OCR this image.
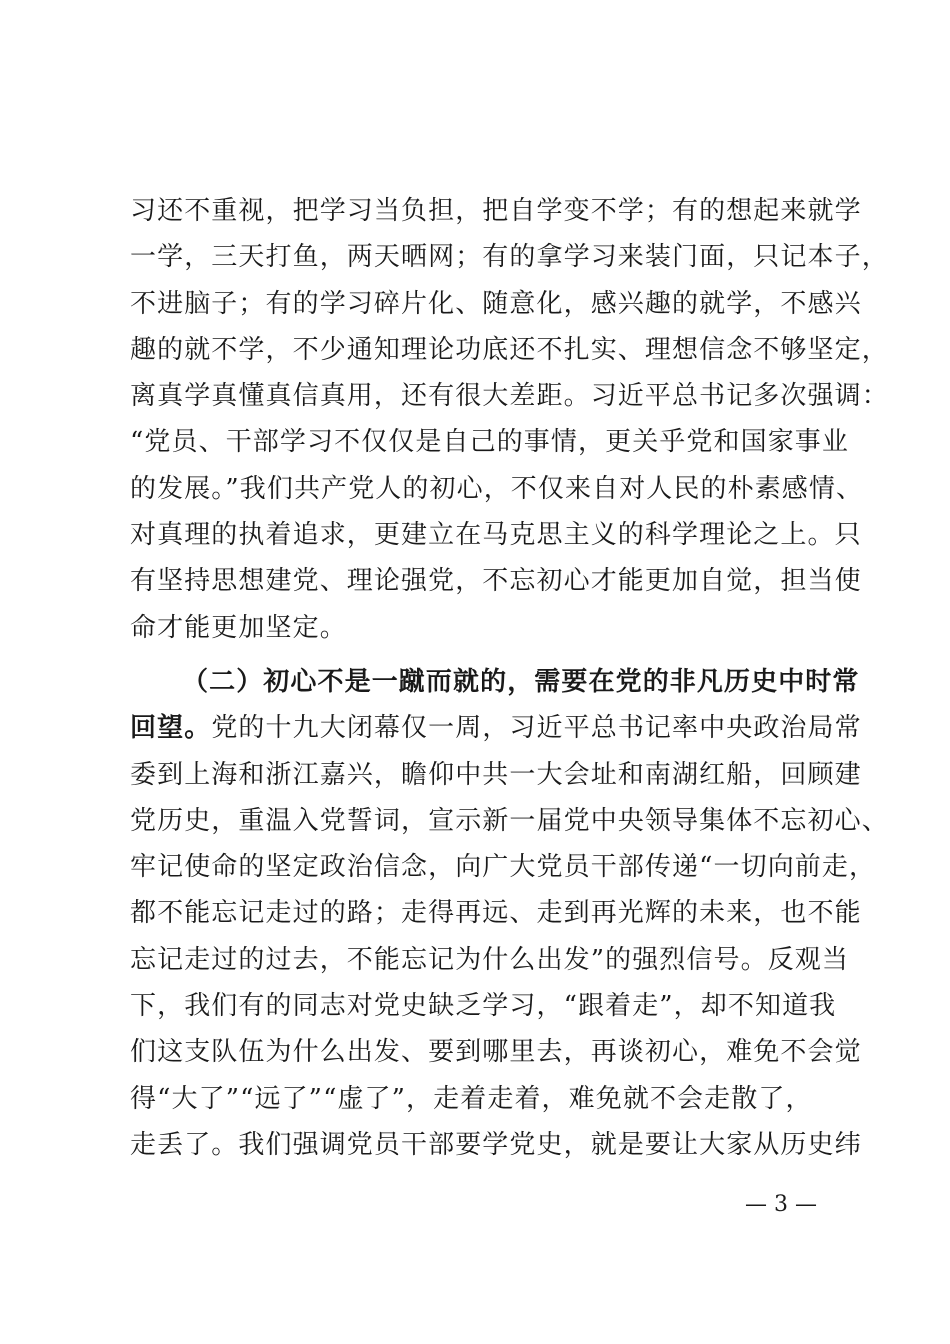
习还不重视，把学习当负担，把自学变不学；有的想起来就学
一学，三天打鱼，两天晒网；有的拿学习来装门面，只记本子，
不进脑子；有的学习碎片化、随意化，感兴趣的就学，不感兴
趣的就不学，不少通知理论功底还不扎实、理想信念不够坚定，
离真学真懂真信真用，还有很大差距。习近平总书记多次强调：
“党员、干部学习不仅仅是自己的事情，更关乎党和国家事业
的发展。”我们共产党人的初心，不仅来自对人民的朴素感情、
对真理的执着追求，更建立在马克思主义的科学理论之上。只
有坚持思想建党、理论强党，不忘初心才能更加自觉，担当使
命才能更加坚定。
（二）初心不是一蹴而就的，需要在党的非凡历史中时常
回望。党的十九大闭幕仅一周，习近平总书记率中央政治局常
委到上海和浙江嘉兴，瞻仰中共一大会址和南湖红船，回顾建
党历史，重温入党誓词，宣示新一届党中央领导集体不忘初心、
牢记使命的坚定政治信念，向广大党员干部传递“一切向前走，
都不能忘记走过的路；走得再远、走到再光辉的未来，也不能
忘记走过的过去，不能忘记为什么出发”的强烈信号。反观当
下，我们有的同志对党史缺乏学习，“跟着走”，却不知道我
们这支队伍为什么出发、要到哪里去，再谈初心，难免不会觉
得“大了”“远了”“虚了”，走着走着，难免就不会走散了，
走丢了。我们强调党员干部要学党史，就是要让大家从历史纬
— 3 —
